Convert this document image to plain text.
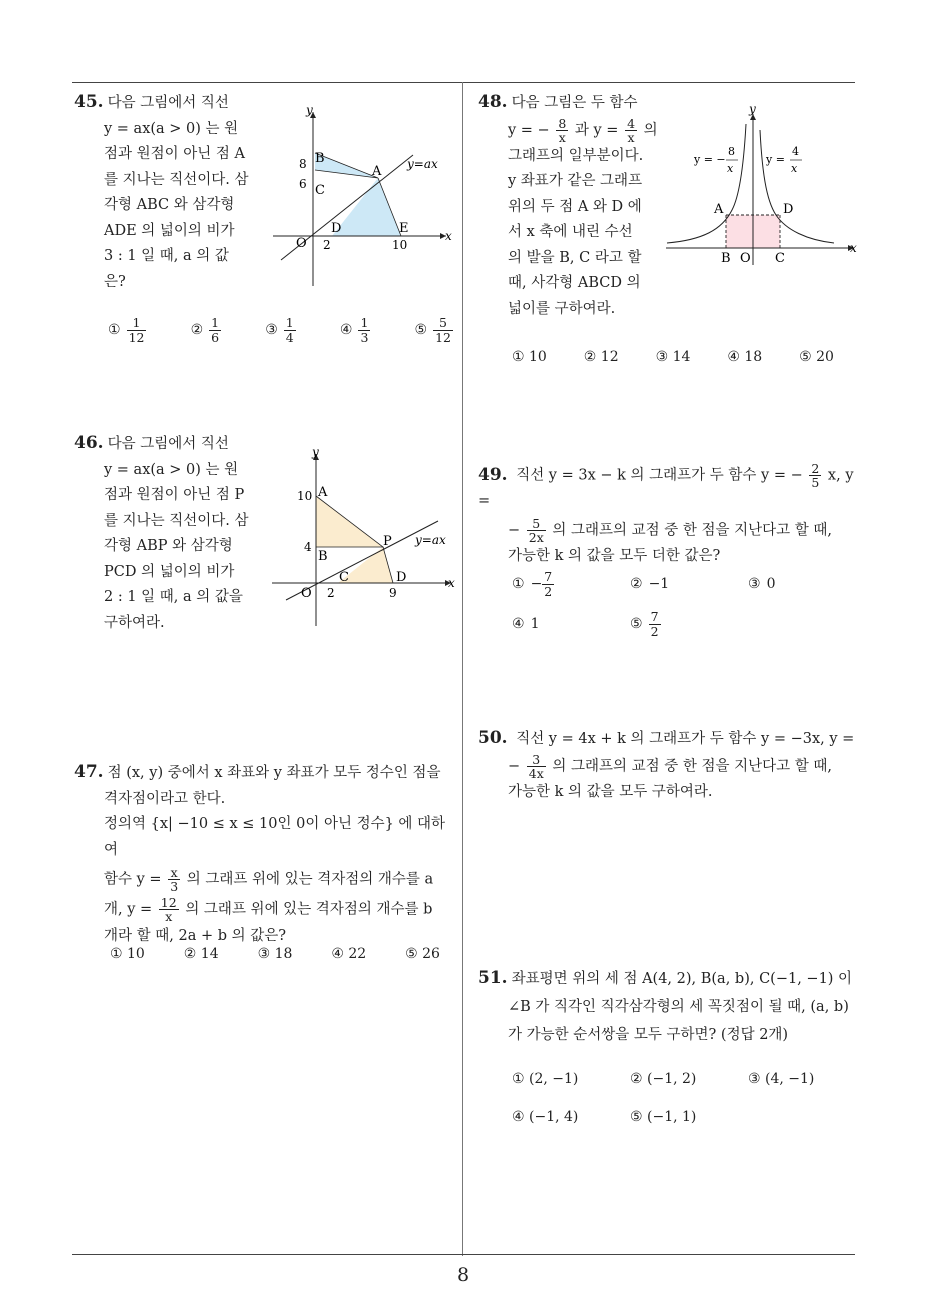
8
45. 다음 그림에서 직선
y = ax(a > 0) 는 원
점과 원점이 아닌 점 A
를 지나는 직선이다. 삼
각형 ABC 와 삼각형
ADE 의 넓이의 비가
3 : 1 일 때, a 의 값
은?
y
x
O
y=ax
A
B
C
D	E
8
6
2	10
① $\frac{1}{12}$	② $\frac{1}{6}$	③ $\frac{1}{4}$	④ $\frac{1}{3}$	⑤ $\frac{5}{12}$
46. 다음 그림에서 직선
y = ax(a > 0) 는 원
점과 원점이 아닌 점 P
를 지나는 직선이다. 삼
각형 ABP 와 삼각형
PCD 의 넓이의 비가
2 : 1 일 때, a 의 값을
구하여라.
y
x
O
y=ax
A
B
C	D
P
10
4
2	9
47. 점 (x, y) 중에서 x 좌표와 y 좌표가 모두 정수인 점을
격자점이라고 한다.
정의역 {x| −10 ≤ x ≤ 10인 0이 아닌 정수} 에 대하여
함수 $y = \frac{x}{3}$ 의 그래프 위에 있는 격자점의 개수를 a
개, $y = \frac{12}{x}$ 의 그래프 위에 있는 격자점의 개수를 b
개라 할 때, 2a + b 의 값은?
① 10	② 14	③ 18	④ 22	⑤ 26
48. 다음 그림은 두 함수
y = − $\frac{8}{x}$ 과 $y = \frac{4}{x}$ 의
그래프의 일부분이다.
y 좌표가 같은 그래프
위의 두 점 A 와 D 에
서 x 축에 내린 수선
의 발을 B, C 라고 할
때, 사각형 ABCD 의
넓이를 구하여라.
y
x
O
A
B	C
D
y = −
8
x
y =
4
x
① 10	② 12	③ 14	④ 18	⑤ 20
49. 직선 y = 3x − k 의 그래프가 두 함수 y = − $\frac{2}{5} x$, y =
− $\frac{5}{2x}$ 의 그래프의 교점 중 한 점을 지난다고 할 때,
가능한 k 의 값을 모두 더한 값은?
① − $\frac{7}{2}$	② −1	③ 0
④ 1	⑤ $\frac{7}{2}$
50. 직선 y = 4x + k 의 그래프가 두 함수 y = −3x, y =
− $\frac{3}{4x}$ 의 그래프의 교점 중 한 점을 지난다고 할 때,
가능한 k 의 값을 모두 구하여라.
51. 좌표평면 위의 세 점 A(4, 2), B(a, b), C(−1, −1) 이
∠B 가 직각인 직각삼각형의 세 꼭짓점이 될 때, (a, b)
가 가능한 순서쌍을 모두 구하면? (정답 2개)
① (2, −1)	② (−1, 2)	③ (4, −1)
④ (−1, 4)	⑤ (−1, 1)
